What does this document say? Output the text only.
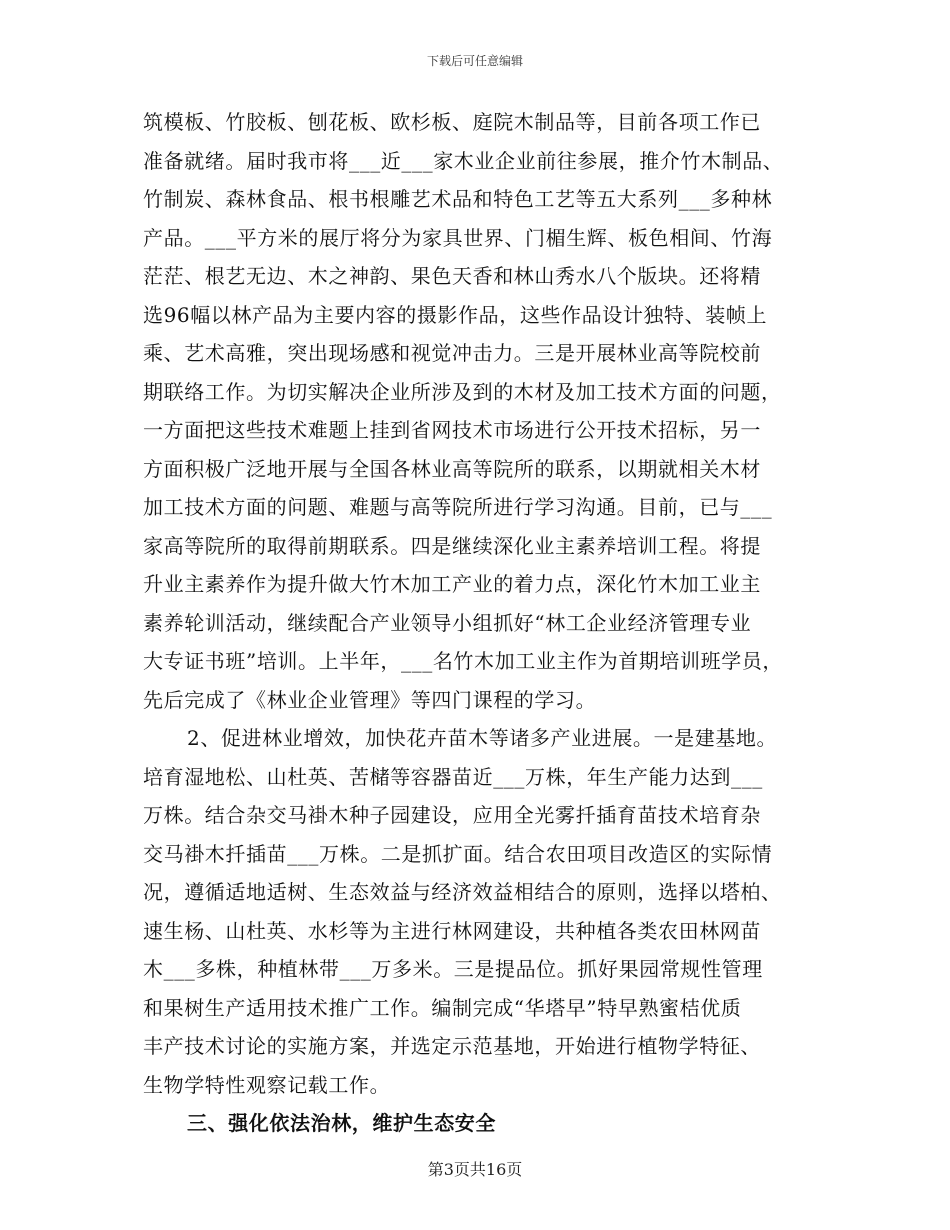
下载后可任意编辑

筑模板、竹胶板、刨花板、欧杉板、庭院木制品等，目前各项工作已
准备就绪。届时我市将___近___家木业企业前往参展，推介竹木制品、
竹制炭、森林食品、根书根雕艺术品和特色工艺等五大系列___多种林
产品。___平方米的展厅将分为家具世界、门楣生辉、板色相间、竹海
茫茫、根艺无边、木之神韵、果色天香和林山秀水八个版块。还将精
选96幅以林产品为主要内容的摄影作品，这些作品设计独特、装帧上
乘、艺术高雅，突出现场感和视觉冲击力。三是开展林业高等院校前
期联络工作。为切实解决企业所涉及到的木材及加工技术方面的问题，
一方面把这些技术难题上挂到省网技术市场进行公开技术招标，另一
方面积极广泛地开展与全国各林业高等院所的联系，以期就相关木材
加工技术方面的问题、难题与高等院所进行学习沟通。目前，已与___
家高等院所的取得前期联系。四是继续深化业主素养培训工程。将提
升业主素养作为提升做大竹木加工产业的着力点，深化竹木加工业主
素养轮训活动，继续配合产业领导小组抓好“林工企业经济管理专业
大专证书班”培训。上半年，___名竹木加工业主作为首期培训班学员，
先后完成了《林业企业管理》等四门课程的学习。

2、促进林业增效，加快花卉苗木等诸多产业进展。一是建基地。
培育湿地松、山杜英、苦槠等容器苗近___万株，年生产能力达到___
万株。结合杂交马褂木种子园建设，应用全光雾扦插育苗技术培育杂
交马褂木扦插苗___万株。二是抓扩面。结合农田项目改造区的实际情
况，遵循适地适树、生态效益与经济效益相结合的原则，选择以塔柏、
速生杨、山杜英、水杉等为主进行林网建设，共种植各类农田林网苗
木___多株，种植林带___万多米。三是提品位。抓好果园常规性管理
和果树生产适用技术推广工作。编制完成“华塔早”特早熟蜜桔优质
丰产技术讨论的实施方案，并选定示范基地，开始进行植物学特征、
生物学特性观察记载工作。

三、强化依法治林，维护生态安全
第3页共16页
